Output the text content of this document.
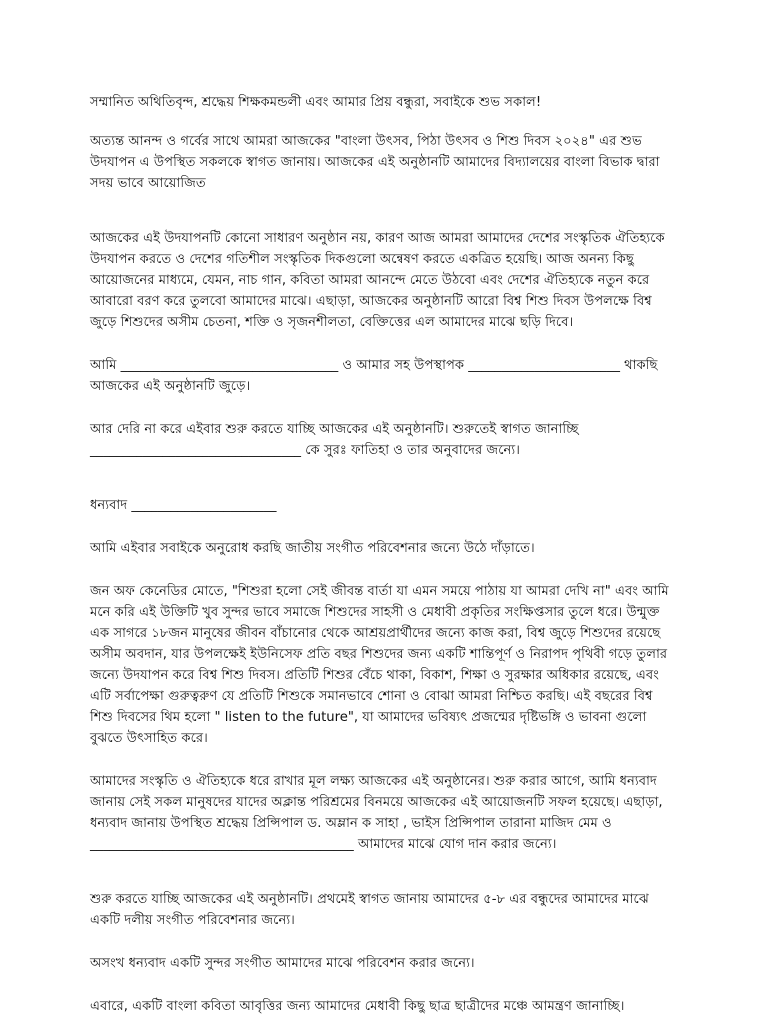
সম্মানিত অথিতিবৃন্দ, শ্রদ্ধেয় শিক্ষকমন্ডলী এবং আমার প্রিয় বন্ধুরা, সবাইকে শুভ সকাল!

অত্যন্ত আনন্দ ও গর্বের সাথে আমরা আজকের "বাংলা উৎসব, পিঠা উৎসব ও শিশু দিবস ২০২৪" এর শুভ উদযাপন এ উপস্থিত সকলকে স্বাগত জানায়। আজকের এই অনুষ্ঠানটি আমাদের বিদ্যালয়ের বাংলা বিভাক দ্বারা সদয় ভাবে আয়োজিত

আজকের এই উদযাপনটি কোনো সাধারণ অনুষ্ঠান নয়, কারণ আজ আমরা আমাদের দেশের সংস্কৃতিক ঐতিহ্যকে উদযাপন করতে ও দেশের গতিশীল সংস্কৃতিক দিকগুলো অন্বেষণ করতে একত্রিত হয়েছি। আজ অনন্য কিছু আয়োজনের মাধ্যমে, যেমন, নাচ গান, কবিতা আমরা আনন্দে মেতে উঠবো এবং দেশের ঐতিহ্যকে নতুন করে আবারো বরণ করে তুলবো আমাদের মাঝে। এছাড়া, আজকের অনুষ্ঠানটি আরো বিশ্ব শিশু দিবস উপলক্ষে বিশ্ব জুড়ে শিশুদের অসীম চেতনা, শক্তি ও সৃজনশীলতা, বেক্তিত্তের এল আমাদের মাঝে ছড়ি দিবে।

আমি _________________________________ ও আমার সহ উপস্থাপক _______________________ থাকছি আজকের এই অনুষ্ঠানটি জুড়ে।

আর দেরি না করে এইবার শুরু করতে যাচ্ছি আজকের এই অনুষ্ঠানটি। শুরুতেই স্বাগত জানাচ্ছি ________________________________ কে সুরঃ ফাতিহা ও তার অনুবাদের জন্যে।

ধন্যবাদ ______________________

আমি এইবার সবাইকে অনুরোধ করছি জাতীয় সংগীত পরিবেশনার জন্যে উঠে দাঁড়াতে।

জন অফ কেনেডির মোতে, "শিশুরা হলো সেই জীবন্ত বার্তা যা এমন সময়ে পাঠায় যা আমরা দেখি না" এবং আমি মনে করি এই উক্তিটি খুব সুন্দর ভাবে সমাজে শিশুদের সাহসী ও মেধাবী প্রকৃতির সংক্ষিপ্তসার তুলে ধরে। উন্মুক্ত এক সাগরে ১৮জন মানুষের জীবন বাঁচানোর থেকে আশ্রয়প্রার্থীদের জন্যে কাজ করা, বিশ্ব জুড়ে শিশুদের রয়েছে অসীম অবদান, যার উপলক্ষেই ইউনিসেফ প্রতি বছর শিশুদের জন্য একটি শান্তিপূর্ণ ও নিরাপদ পৃথিবী গড়ে তুলার জন্যে উদযাপন করে বিশ্ব শিশু দিবস। প্রতিটি শিশুর বেঁচে থাকা, বিকাশ, শিক্ষা ও সুরক্ষার অধিকার রয়েছে, এবং এটি সর্বাপেক্ষা গুরুত্বরুণ যে প্রতিটি শিশুকে সমানভাবে শোনা ও বোঝা আমরা নিশ্চিত করছি। এই বছরের বিশ্ব শিশু দিবসের থিম হলো " listen to the future", যা আমাদের ভবিষ্যৎ প্রজন্মের দৃষ্টিভঙ্গি ও ভাবনা গুলো বুঝতে উৎসাহিত করে।

আমাদের সংস্কৃতি ও ঐতিহ্যকে ধরে রাখার মূল লক্ষ্য আজকের এই অনুষ্ঠানের। শুরু করার আগে, আমি ধন্যবাদ জানায় সেই সকল মানুষদের যাদের অক্লান্ত পরিশ্রমের বিনময়ে আজকের এই আয়োজনটি সফল হয়েছে। এছাড়া, ধন্যবাদ জানায় উপস্থিত শ্রদ্ধেয় প্রিন্সিপাল ড. অম্লান ক সাহা , ভাইস প্রিন্সিপাল তারানা মাজিদ মেম ও ________________________________________ আমাদের মাঝে যোগ দান করার জন্যে।

শুরু করতে যাচ্ছি আজকের এই অনুষ্ঠানটি। প্রথমেই স্বাগত জানায় আমাদের ৫-৮ এর বন্ধুদের আমাদের মাঝে একটি দলীয় সংগীত পরিবেশনার জন্যে।

অসংখ ধন্যবাদ একটি সুন্দর সংগীত আমাদের মাঝে পরিবেশন করার জন্যে।

এবারে, একটি বাংলা কবিতা আবৃত্তির জন্য আমাদের মেধাবী কিছু ছাত্র ছাত্রীদের মঞ্চে আমন্ত্রণ জানাচ্ছি।
